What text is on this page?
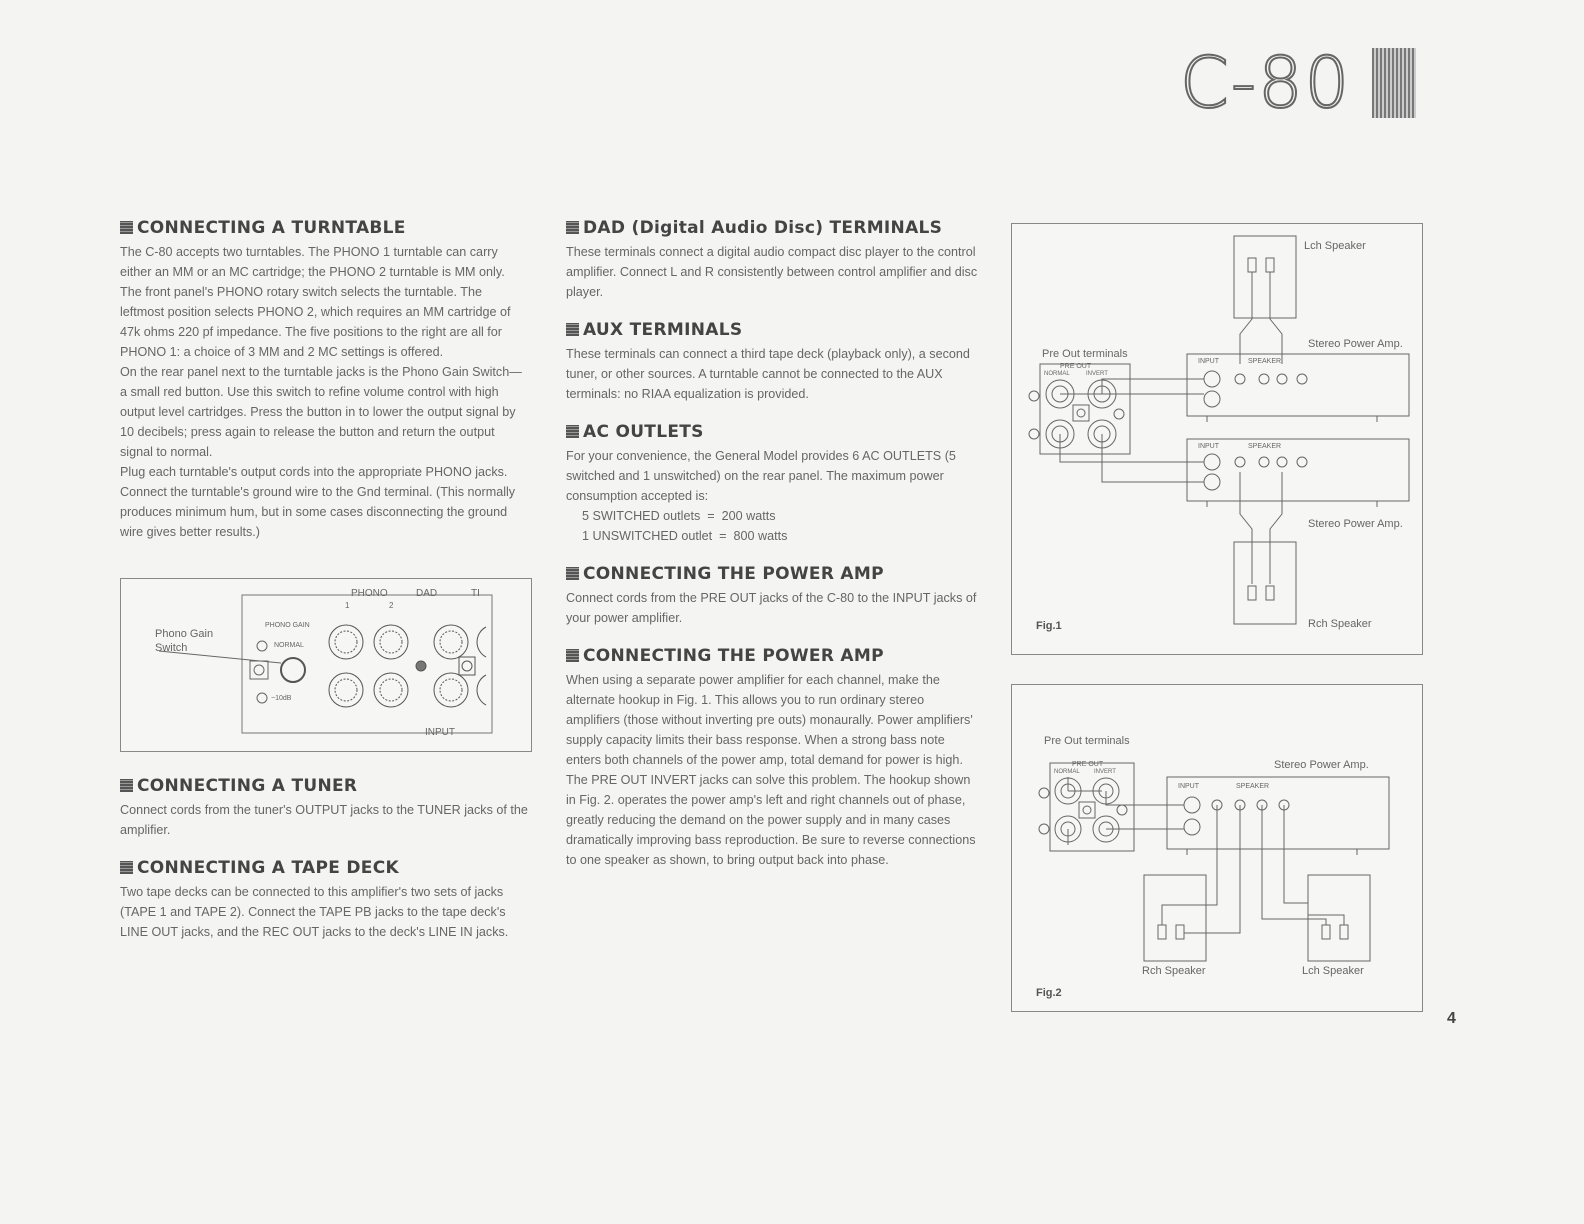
C-80
CONNECTING A TURNTABLE

The C-80 accepts two turntables. The PHONO 1 turntable can carry either an MM or an MC cartridge; the PHONO 2 turntable is MM only. The front panel's PHONO rotary switch selects the turntable. The leftmost position selects PHONO 2, which requires an MM cartridge of 47k ohms 220 pf impedance. The five positions to the right are all for PHONO 1: a choice of 3 MM and 2 MC settings is offered.

On the rear panel next to the turntable jacks is the Phono Gain Switch—a small red button. Use this switch to refine volume control with high output level cartridges. Press the button in to lower the output signal by 10 decibels; press again to release the button and return the output signal to normal.

Plug each turntable's output cords into the appropriate PHONO jacks. Connect the turntable's ground wire to the Gnd terminal. (This normally produces minimum hum, but in some cases disconnecting the ground wire gives better results.)

CONNECTING A TUNER

Connect cords from the tuner's OUTPUT jacks to the TUNER jacks of the amplifier.

CONNECTING A TAPE DECK

Two tape decks can be connected to this amplifier's two sets of jacks (TAPE 1 and TAPE 2). Connect the TAPE PB jacks to the tape deck's LINE OUT jacks, and the REC OUT jacks to the deck's LINE IN jacks.

Phono Gain
Switch
PHONO	DAD	TI
1	2
PHONO GAIN
NORMAL
−10dB
INPUT
DAD (Digital Audio Disc) TERMINALS

These terminals connect a digital audio compact disc player to the control amplifier. Connect L and R consistently between control amplifier and disc player.

AUX TERMINALS

These terminals can connect a third tape deck (playback only), a second tuner, or other sources. A turntable cannot be connected to the AUX terminals: no RIAA equalization is provided.

AC OUTLETS

For your convenience, the General Model provides 6 AC OUTLETS (5 switched and 1 unswitched) on the rear panel. The maximum power consumption accepted is:

5 SWITCHED outlets  =  200 watts

1 UNSWITCHED outlet  =  800 watts

CONNECTING THE POWER AMP

Connect cords from the PRE OUT jacks of the C-80 to the INPUT jacks of your power amplifier.

CONNECTING THE POWER AMP

When using a separate power amplifier for each channel, make the alternate hookup in Fig. 1. This allows you to run ordinary stereo amplifiers (those without inverting pre outs) monaurally. Power amplifiers' supply capacity limits their bass response. When a strong bass note enters both channels of the power amp, total demand for power is high. The PRE OUT INVERT jacks can solve this problem. The hookup shown in Fig. 2. operates the power amp's left and right channels out of phase, greatly reducing the demand on the power supply and in many cases dramatically improving bass reproduction. Be sure to reverse connections to one speaker as shown, to bring output back into phase.

Lch Speaker
Stereo Power Amp.
Pre Out terminals
PRE OUT
NORMAL	INVERT
INPUT	SPEAKER
INPUT	SPEAKER
Stereo Power Amp.
Rch Speaker
Fig.1
Pre Out terminals
PRE OUT
NORMAL INVERT
Stereo Power Amp.
INPUT	SPEAKER
Rch Speaker	Lch Speaker
Fig.2
4
